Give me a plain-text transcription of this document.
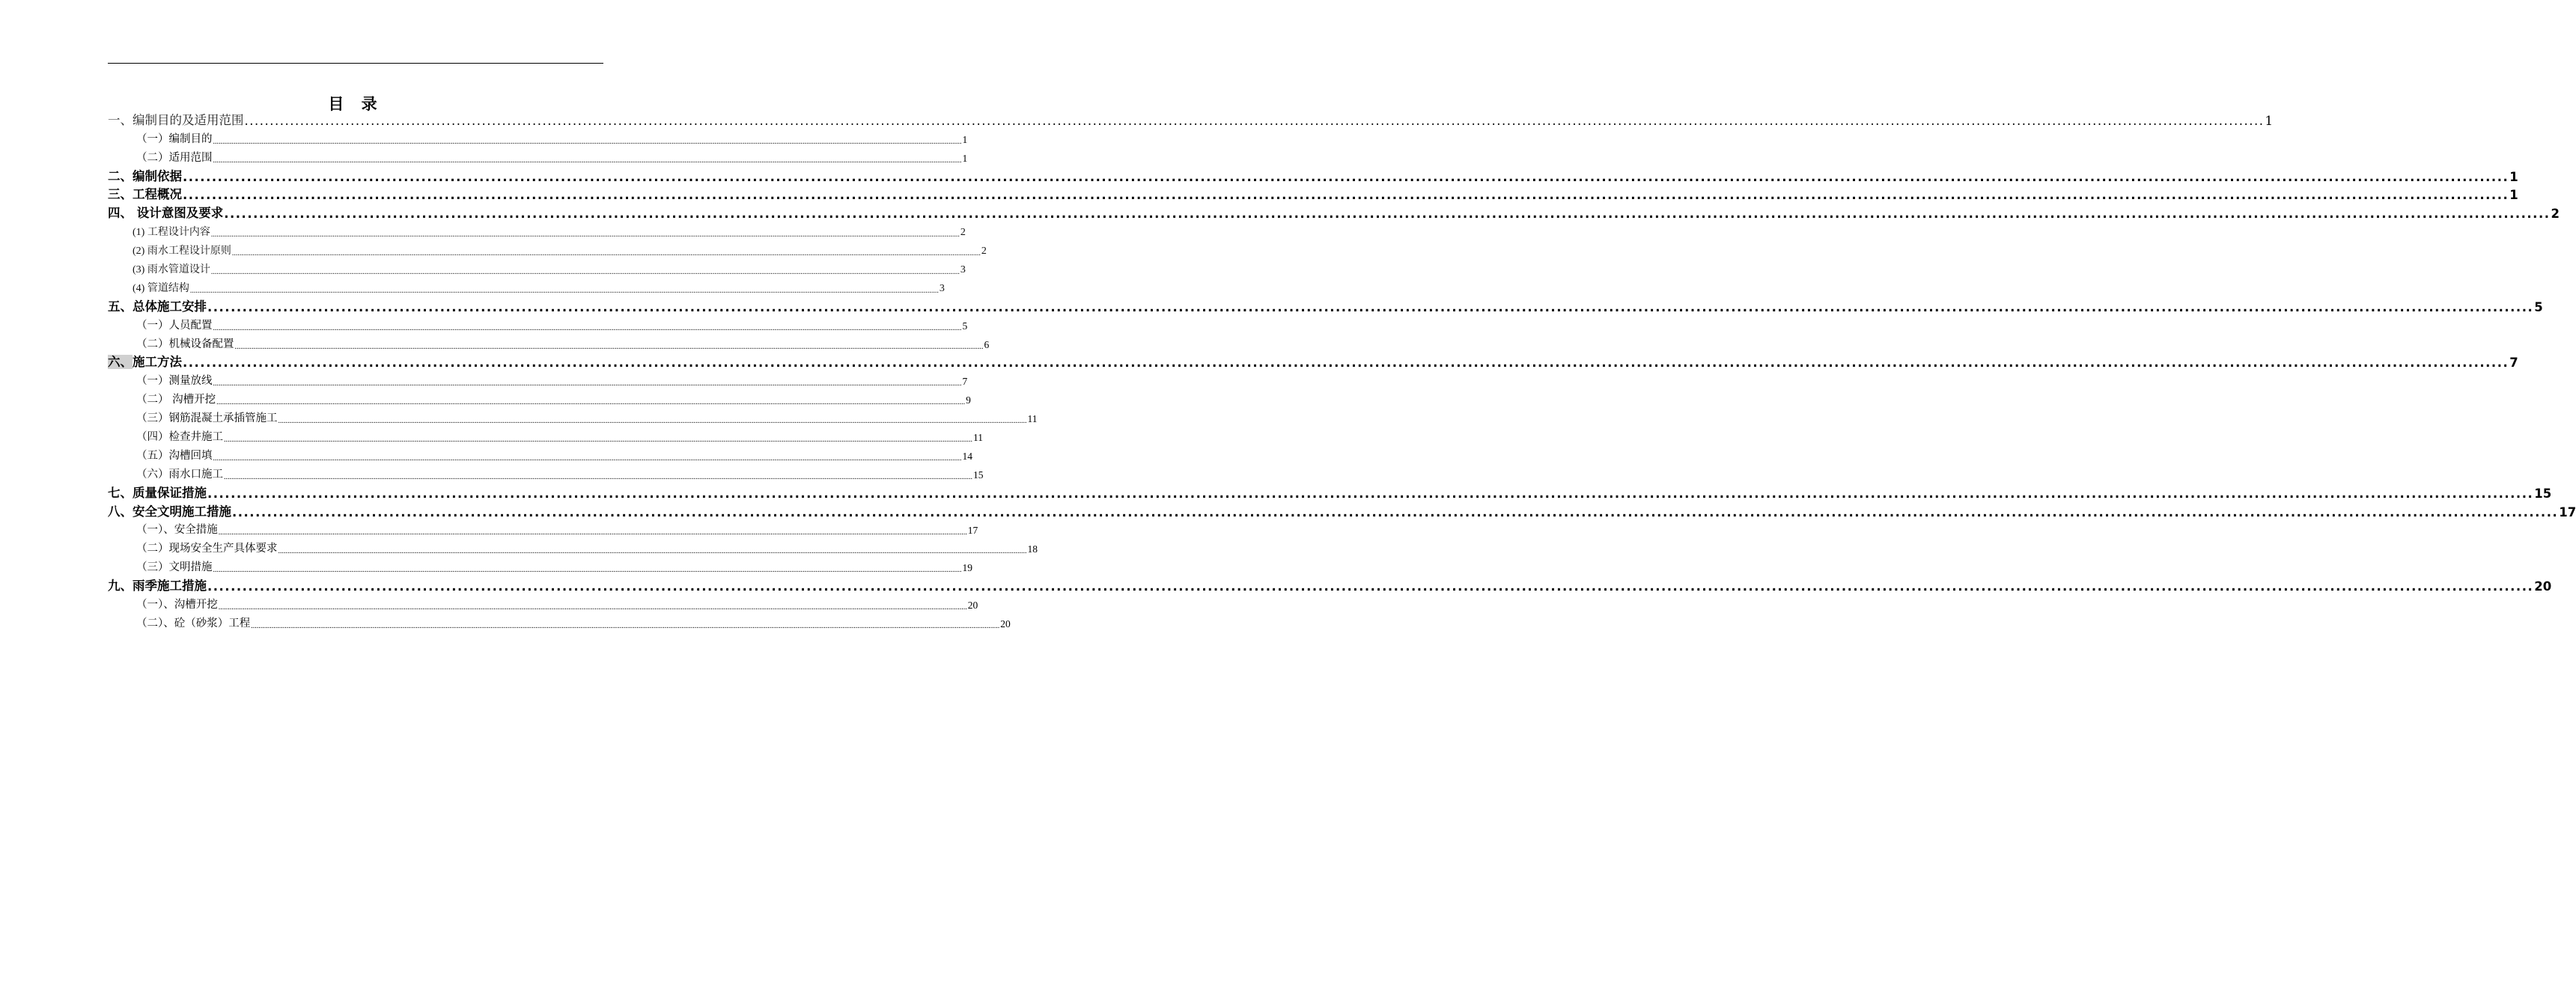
目 录
一、编制目的及适用范围 ................................................................................................................................................................................................................................................................................................................................................................................................................ 1
（一）编制目的 ................................................................................................................................................................................................................................................................................................................................................................................................................ 1
（二）适用范围 ................................................................................................................................................................................................................................................................................................................................................................................................................ 1
二、编制依据 ................................................................................................................................................................................................................................................................................................................................................................................................................ 1
三、工程概况 ................................................................................................................................................................................................................................................................................................................................................................................................................ 1
四、 设计意图及要求 ................................................................................................................................................................................................................................................................................................................................................................................................................ 2
(1) 工程设计内容 ................................................................................................................................................................................................................................................................................................................................................................................................................ 2
(2) 雨水工程设计原则 ................................................................................................................................................................................................................................................................................................................................................................................................................ 2
(3) 雨水管道设计 ................................................................................................................................................................................................................................................................................................................................................................................................................ 3
(4) 管道结构 ................................................................................................................................................................................................................................................................................................................................................................................................................ 3
五、总体施工安排 ................................................................................................................................................................................................................................................................................................................................................................................................................ 5
（一）人员配置 ................................................................................................................................................................................................................................................................................................................................................................................................................ 5
（二）机械设备配置 ................................................................................................................................................................................................................................................................................................................................................................................................................ 6
六、施工方法 ................................................................................................................................................................................................................................................................................................................................................................................................................ 7
（一）测量放线 ................................................................................................................................................................................................................................................................................................................................................................................................................ 7
（二） 沟槽开挖 ................................................................................................................................................................................................................................................................................................................................................................................................................ 9
（三）钢筋混凝土承插管施工 ................................................................................................................................................................................................................................................................................................................................................................................................................ 11
（四）检查井施工 ................................................................................................................................................................................................................................................................................................................................................................................................................ 11
（五）沟槽回填 ................................................................................................................................................................................................................................................................................................................................................................................................................ 14
（六）雨水口施工 ................................................................................................................................................................................................................................................................................................................................................................................................................ 15
七、质量保证措施 ................................................................................................................................................................................................................................................................................................................................................................................................................ 15
八、安全文明施工措施 ................................................................................................................................................................................................................................................................................................................................................................................................................ 17
（一）、安全措施 ................................................................................................................................................................................................................................................................................................................................................................................................................ 17
（二）现场安全生产具体要求 ................................................................................................................................................................................................................................................................................................................................................................................................................ 18
（三）文明措施 ................................................................................................................................................................................................................................................................................................................................................................................................................ 19
九、雨季施工措施 ................................................................................................................................................................................................................................................................................................................................................................................................................ 20
（一）、沟槽开挖 ................................................................................................................................................................................................................................................................................................................................................................................................................ 20
（二）、砼（砂浆）工程 ................................................................................................................................................................................................................................................................................................................................................................................................................ 20
